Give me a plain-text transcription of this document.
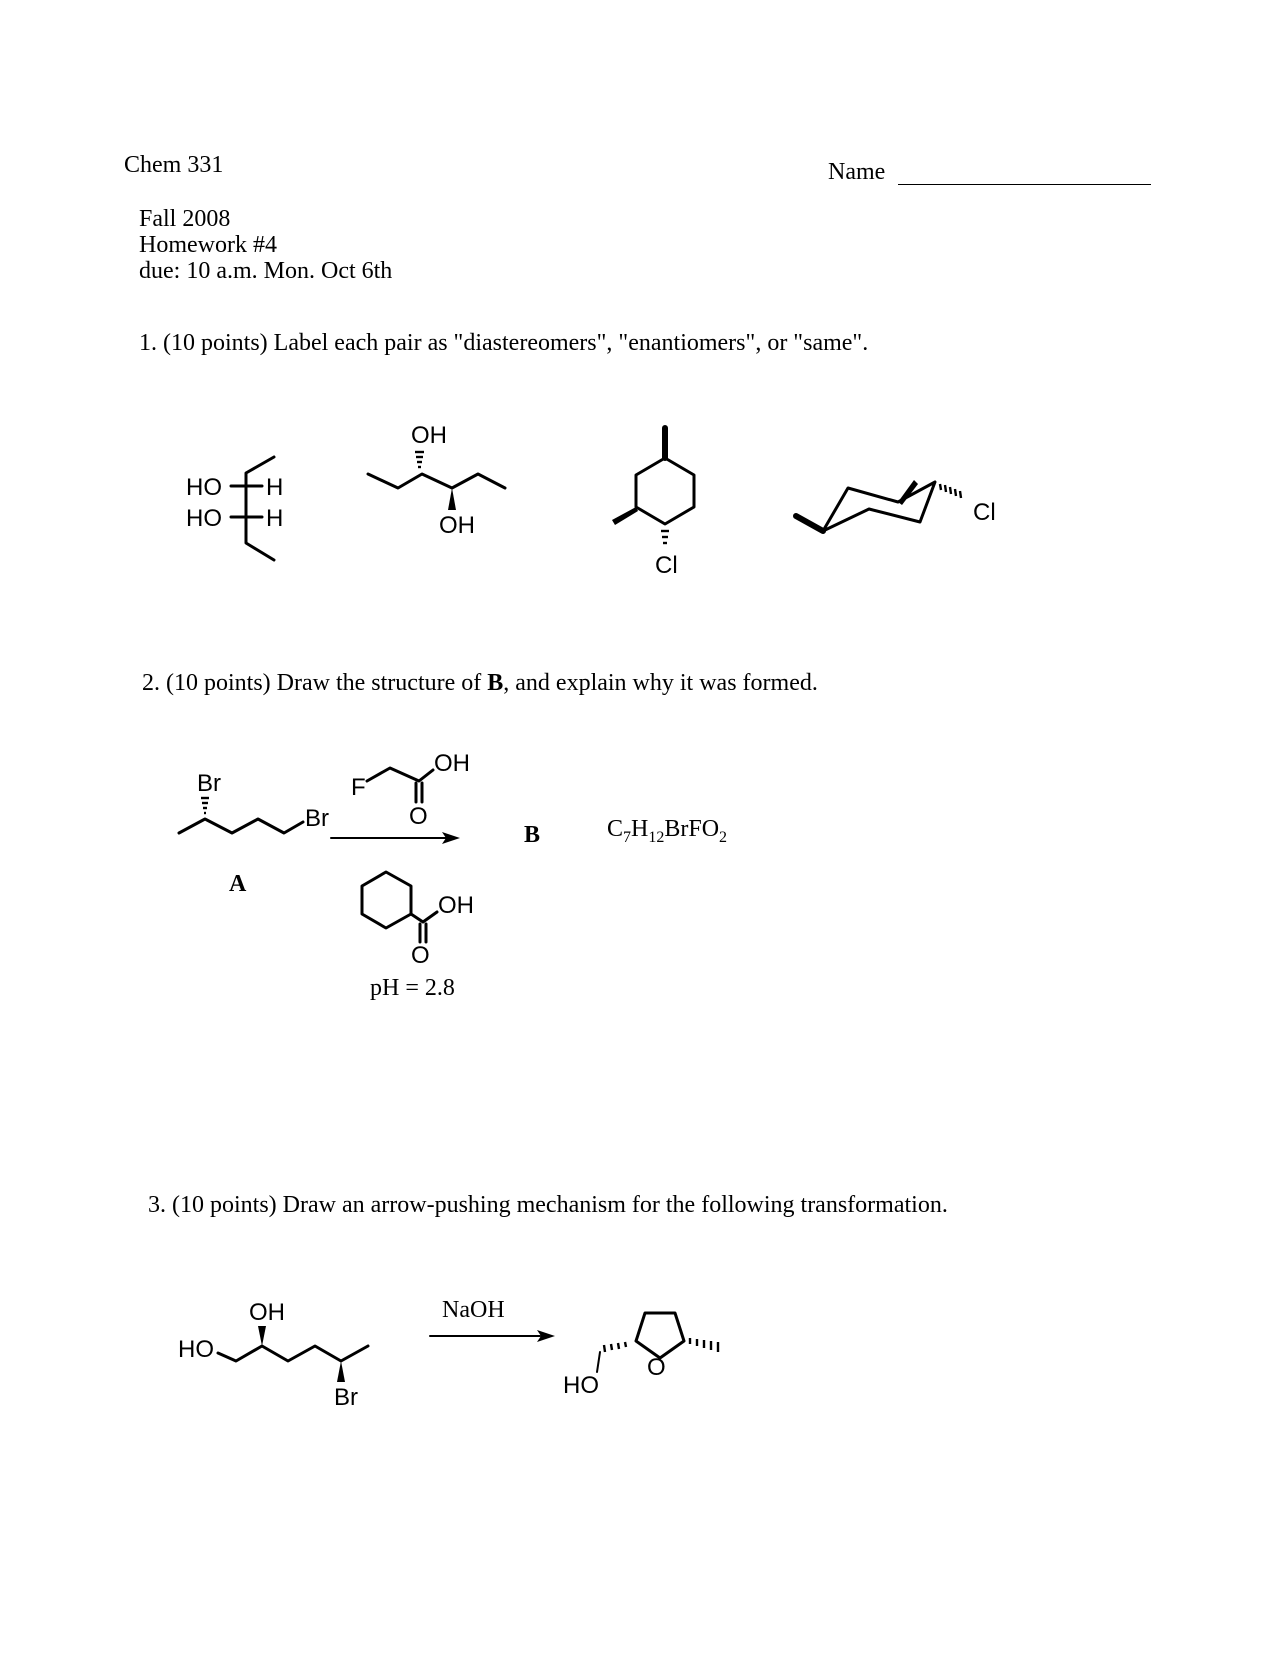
Chem 331	Name
Fall 2008
Homework #4
due: 10 a.m. Mon. Oct 6th
1. (10 points) Label each pair as "diastereomers", "enantiomers", or "same".
2. (10 points) Draw the structure of B, and explain why it was formed.
3. (10 points) Draw an arrow-pushing mechanism for the following transformation.
HO H
HO H
OH
OH
Cl
Cl
Br
Br
A
F
OH
O
OH
O
pH = 2.8
B	$C_7H_{12}BrFO_2$
HO
OH
Br
NaOH
O
HO
